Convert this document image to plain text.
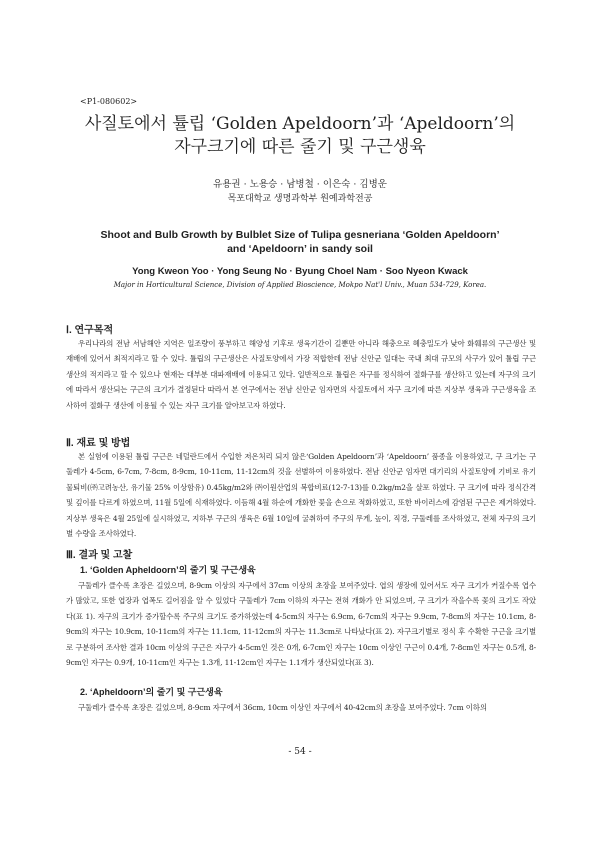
<P1-080602>
사질토에서 튤립 ‘Golden Apeldoorn’과 ‘Apeldoorn’의
자구크기에 따른 줄기 및 구근생육
유용권 · 노용승 · 남병철 · 이은숙 · 김병운
목포대학교 생명과학부 원예과학전공
Shoot and Bulb Growth by Bulblet Size of Tulipa gesneriana ‘Golden Apeldoorn’
and ‘Apeldoorn’ in sandy soil
Yong Kweon Yoo · Yong Seung No · Byung Choel Nam · Soo Nyeon Kwack
Major in Horticultural Science, Division of Applied Bioscience, Mokpo Nat'l Univ., Muan 534-729, Korea.
Ⅰ. 연구목적
우리나라의 전남 서남해안 지역은 일조량이 풍부하고 해양성 기후로 생육기간이 길뿐만 아니라 해충으로 혜충밀도가 낮아 화훼류의 구근생산 및 재배에 있어서 최적지라고 할 수 있다. 튤립의 구근생산은 사질토양에서 가장 적합한데 전남 신안군 일대는 국내 최대 규모의 사구가 있어 튤립 구근 생산의 적지라고 할 수 있으나 현재는 대부분 대파재배에 이용되고 있다. 일반적으로 튤립은 자구를 정식하여 절화구를 생산하고 있는데 자구의 크기에 따라서 생산되는 구근의 크기가 결정된다 따라서 본 연구에서는 전남 신안군 임자면의 사질토에서 자구 크기에 따른 지상부 생육과 구근생육을 조사하여 절화구 생산에 이용될 수 있는 자구 크기를 알아보고자 하였다.
Ⅱ. 재료 및 방법
본 실험에 이용된 튤립 구근은 네덜란드에서 수입한 저온처리 되지 않은‘Golden Apeldoorn’과 ‘Apeldoorn’ 품종을 이용하였고, 구 크기는 구둘레가 4-5cm, 6-7cm, 7-8cm, 8-9cm, 10-11cm, 11-12cm의 것을 선별하여 이용하였다. 전남 신안군 임자면 대기리의 사질토양에 기비로 유기물퇴비(㈜고려농산, 유기물 25% 이상함유) 0.45kg/m2와 ㈜이원산업의 복합비료(12-7-13)를 0.2kg/m2을 살포 하였다. 구 크기에 따라 정식간격 및 깊이를 다르게 하였으며, 11월 5일에 식재하였다. 이듬해 4월 하순에 개화한 꽃을 손으로 적화하였고, 또한 바이러스에 감염된 구근은 제거하였다. 지상부 생육은 4월 25일에 실시하였고, 지하부 구근의 생육은 6월 10일에 굴취하여 주구의 무게, 높이, 직경, 구둘레를 조사하였고, 전체 자구의 크기별 수량을 조사하였다.
Ⅲ. 결과 및 고찰
1. ‘Golden Apheldoorn’의 줄기 및 구근생육
구둘레가 클수록 초장은 길었으며, 8-9cm 이상의 자구에서 37cm 이상의 초장을 보여주었다. 엽의 생장에 있어서도 자구 크기가 커질수록 엽수가 많았고, 또한 엽장과 엽폭도 길어짐을 알 수 있었다 구둘레가 7cm 이하의 자구는 전혀 개화가 안 되었으며, 구 크기가 작을수록 꽃의 크기도 작았다(표 1). 자구의 크기가 증가할수록 주구의 크기도 증가하였는데 4-5cm의 자구는 6.9cm, 6-7cm의 자구는 9.9cm, 7-8cm의 자구는 10.1cm, 8-9cm의 자구는 10.9cm, 10-11cm의 자구는 11.1cm, 11-12cm의 자구는 11.3cm로 나타났다(표 2). 자구크기별로 정식 후 수확한 구근을 크기별로 구분하여 조사한 결과 10cm 이상의 구근은 자구가 4-5cm인 것은 0개, 6-7cm인 자구는 10cm 이상인 구근이 0.4개, 7-8cm인 자구는 0.5개, 8-9cm인 자구는 0.9개, 10-11cm인 자구는 1.3개, 11-12cm인 자구는 1.1개가 생산되었다(표 3).
2. ‘Apheldoorn’의 줄기 및 구근생육
구둘레가 클수록 초장은 길었으며, 8-9cm 자구에서 36cm, 10cm 이상인 자구에서 40-42cm의 초장을 보여주었다. 7cm 이하의
- 54 -
